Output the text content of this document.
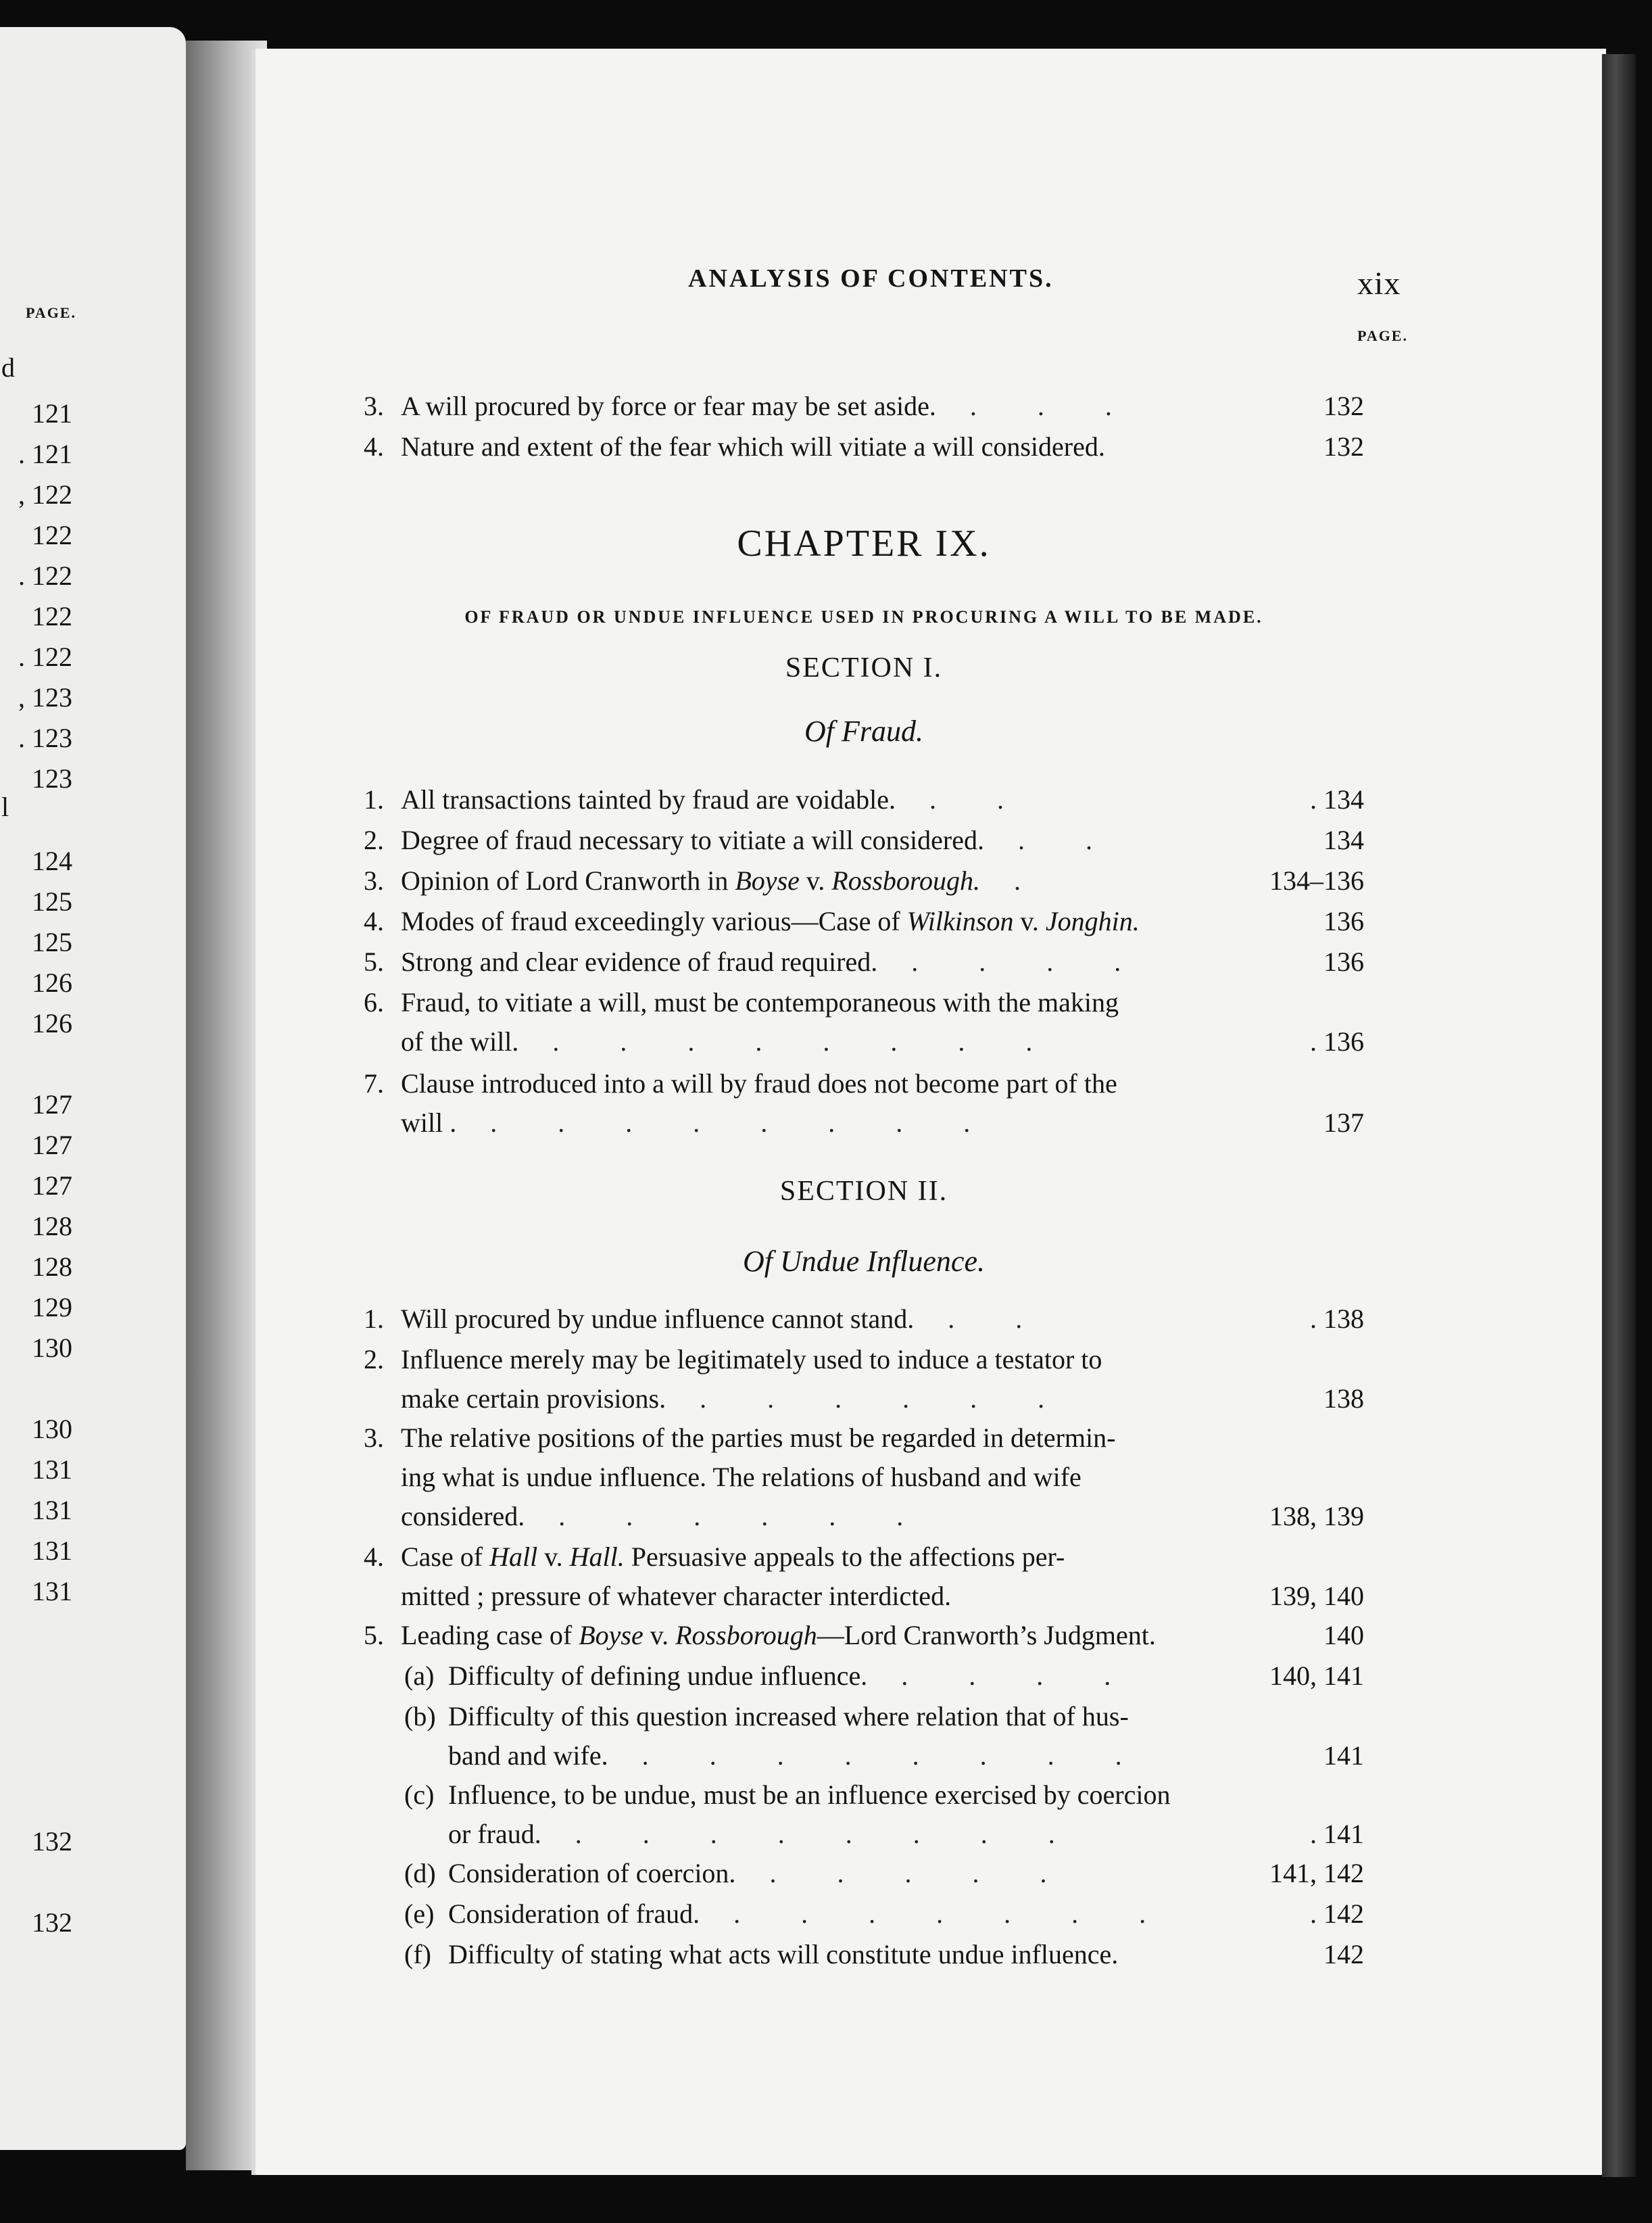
PAGE.
121
. 121
, 122
122
. 122
122
. 122
, 123
. 123
123
124
125
125
126
126
127
127
127
128
128
129
130
130
131
131
131
131
132
132
d
l
ANALYSIS OF CONTENTS.	xix
PAGE.
3. A will procured by force or fear may be set aside. . . .	132
4. Nature and extent of the fear which will vitiate a will considered.	132
CHAPTER IX.
OF FRAUD OR UNDUE INFLUENCE USED IN PROCURING A WILL TO BE MADE.
SECTION I.
Of Fraud.
1. All transactions tainted by fraud are voidable. . .	. 134
2. Degree of fraud necessary to vitiate a will considered. . .	134
3. Opinion of Lord Cranworth in Boyse v. Rossborough. .	134–136
4. Modes of fraud exceedingly various—Case of Wilkinson v. Jonghin.	136
5. Strong and clear evidence of fraud required. . . . .	136
6. Fraud, to vitiate a will, must be contemporaneous with the making
of the will. . . . . . . . .	. 136
7. Clause introduced into a will by fraud does not become part of the
will . . . . . . . . .	137
SECTION II.
Of Undue Influence.
1. Will procured by undue influence cannot stand. . .	. 138
2. Influence merely may be legitimately used to induce a testator to
make certain provisions. . . . . . .	138
3. The relative positions of the parties must be regarded in determin-
ing what is undue influence. The relations of husband and wife
considered. . . . . . .	138, 139
4. Case of Hall v. Hall. Persuasive appeals to the affections per-
mitted ; pressure of whatever character interdicted.	139, 140
5. Leading case of Boyse v. Rossborough—Lord Cranworth’s Judgment.	140
(a) Difficulty of defining undue influence. . . . .	140, 141
(b) Difficulty of this question increased where relation that of hus-
band and wife. . . . . . . . .	141
(c) Influence, to be undue, must be an influence exercised by coercion
or fraud. . . . . . . . .	. 141
(d) Consideration of coercion. . . . . .	141, 142
(e) Consideration of fraud. . . . . . . .	. 142
(f) Difficulty of stating what acts will constitute undue influence.	142
